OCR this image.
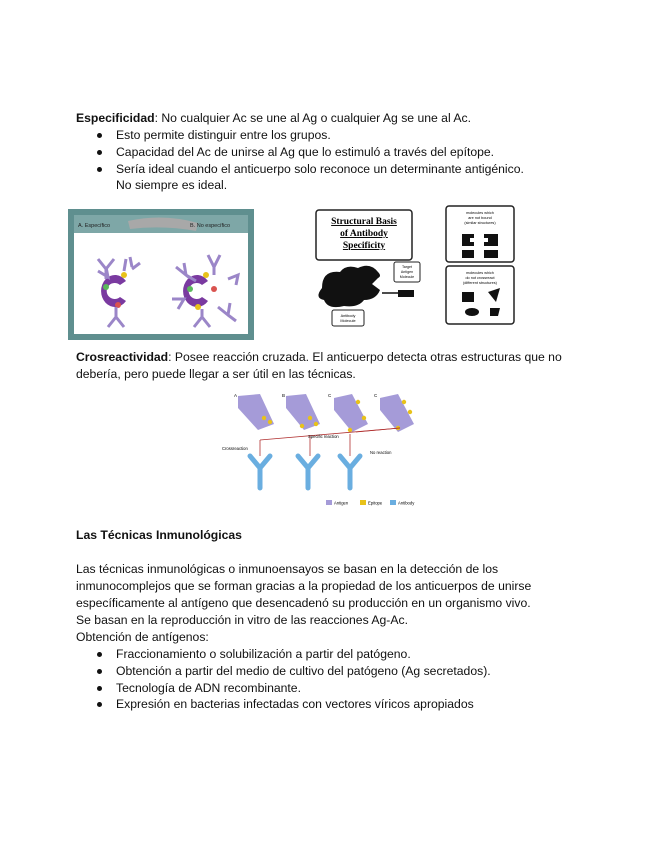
Especificidad: No cualquier Ac se une al Ag o cualquier Ag se une al Ac.

Esto permite distinguir entre los grupos.
Capacidad del Ac de unirse al Ag que lo estimuló a través del epítope.
Sería ideal cuando el anticuerpo solo reconoce un determinante antigénico.
No siempre es ideal.
A. Específico	B. No específico	Structural Basis
of Antibody
Specificity
Target
Antigen
Molecule
Antibody
Molecule
molecules which
are not bound
(similar structures)
molecules which
do not crossreact
(different structures)

Crosreactividad: Posee reacción cruzada. El anticuerpo detecta otras estructuras que no debería, pero puede llegar a ser útil en las técnicas.

A	B	C	C
Crossreaction
Specific reaction
No reaction
Antigen	Epitope	Antibody

Las Técnicas Inmunológicas

Las técnicas inmunológicas o inmunoensayos se basan en la detección de los inmunocomplejos que se forman gracias a la propiedad de los anticuerpos de unirse específicamente al antígeno que desencadenó su producción en un organismo vivo.

Se basan en la reproducción in vitro de las reacciones Ag-Ac.

Obtención de antígenos:

Fraccionamiento o solubilización a partir del patógeno.
Obtención a partir del medio de cultivo del patógeno (Ag secretados).
Tecnología de ADN recombinante.
Expresión en bacterias infectadas con vectores víricos apropiados
